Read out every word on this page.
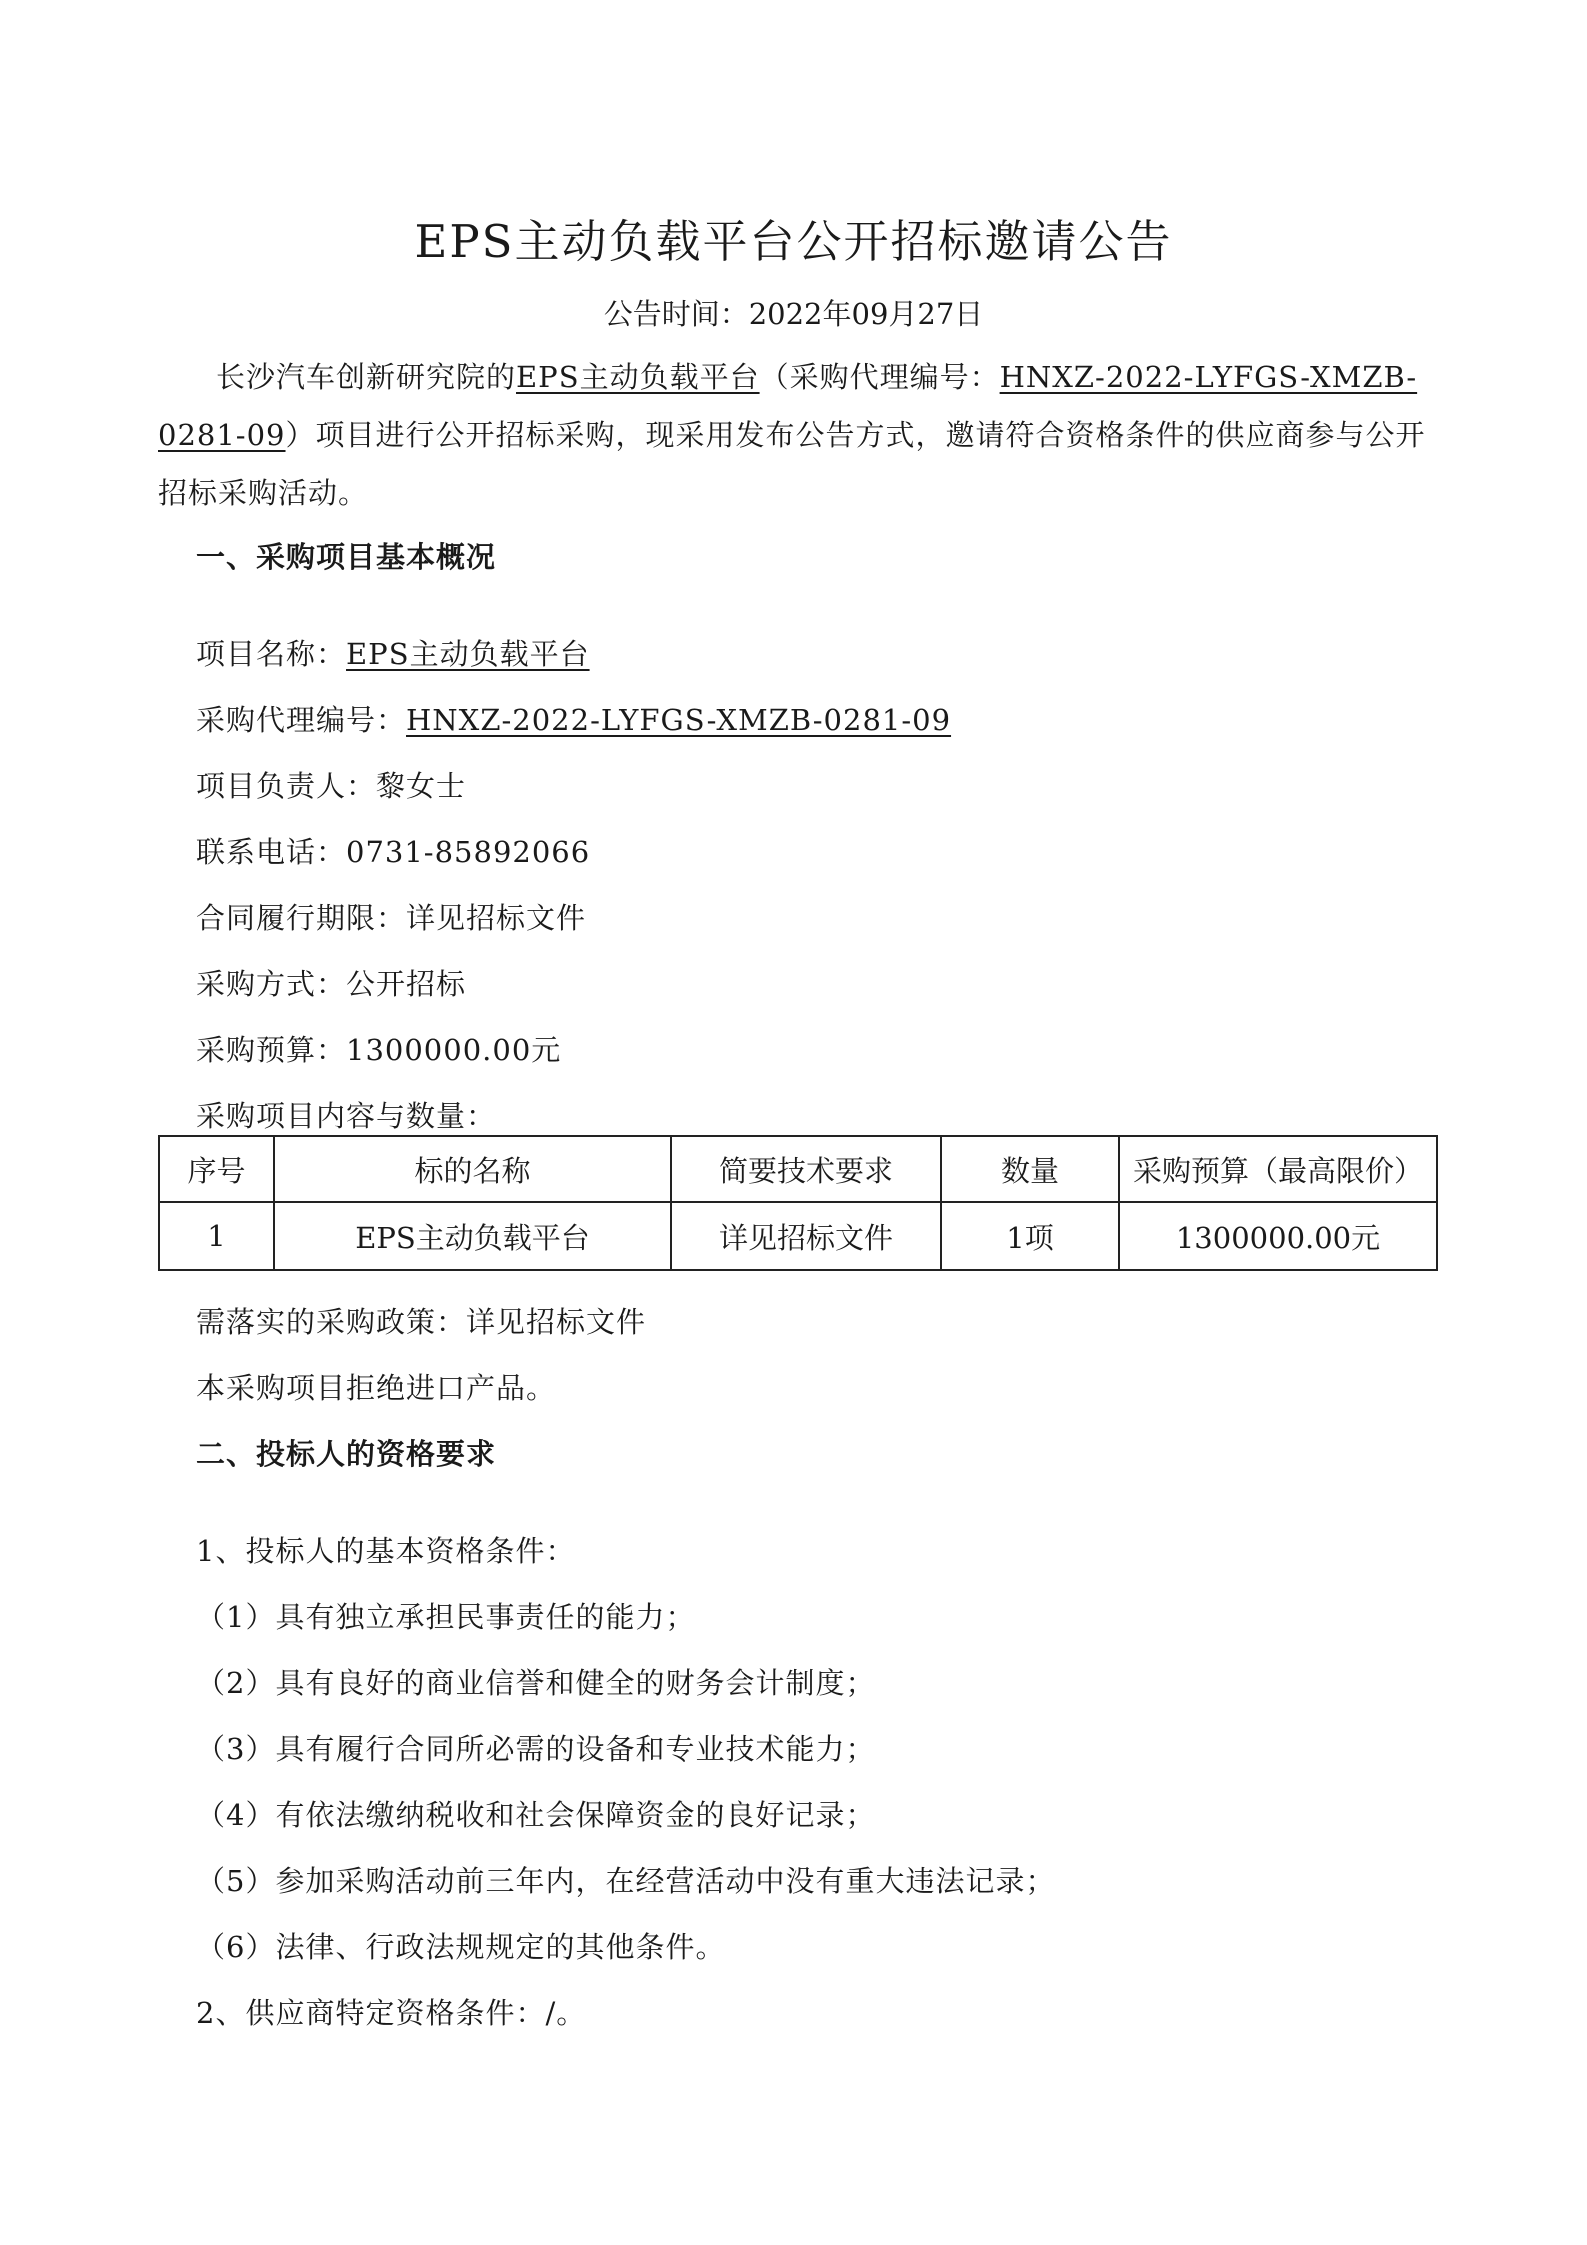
EPS主动负载平台公开招标邀请公告
公告时间：2022年09月27日

长沙汽车创新研究院的EPS主动负载平台（采购代理编号：HNXZ-2022-LYFGS-XMZB-0281-09）项目进行公开招标采购，现采用发布公告方式，邀请符合资格条件的供应商参与公开招标采购活动。

一、采购项目基本概况
项目名称：EPS主动负载平台
采购代理编号：HNXZ-2022-LYFGS-XMZB-0281-09
项目负责人：黎女士
联系电话：0731-85892066
合同履行期限：详见招标文件
采购方式：公开招标
采购预算：1300000.00元
采购项目内容与数量：
序号	标的名称	简要技术要求	数量	采购预算（最高限价）
1	EPS主动负载平台	详见招标文件	1项	1300000.00元
需落实的采购政策：详见招标文件
本采购项目拒绝进口产品。
二、投标人的资格要求
1、投标人的基本资格条件：
（1）具有独立承担民事责任的能力；
（2）具有良好的商业信誉和健全的财务会计制度；
（3）具有履行合同所必需的设备和专业技术能力；
（4）有依法缴纳税收和社会保障资金的良好记录；
（5）参加采购活动前三年内，在经营活动中没有重大违法记录；
（6）法律、行政法规规定的其他条件。
2、供应商特定资格条件：/。
